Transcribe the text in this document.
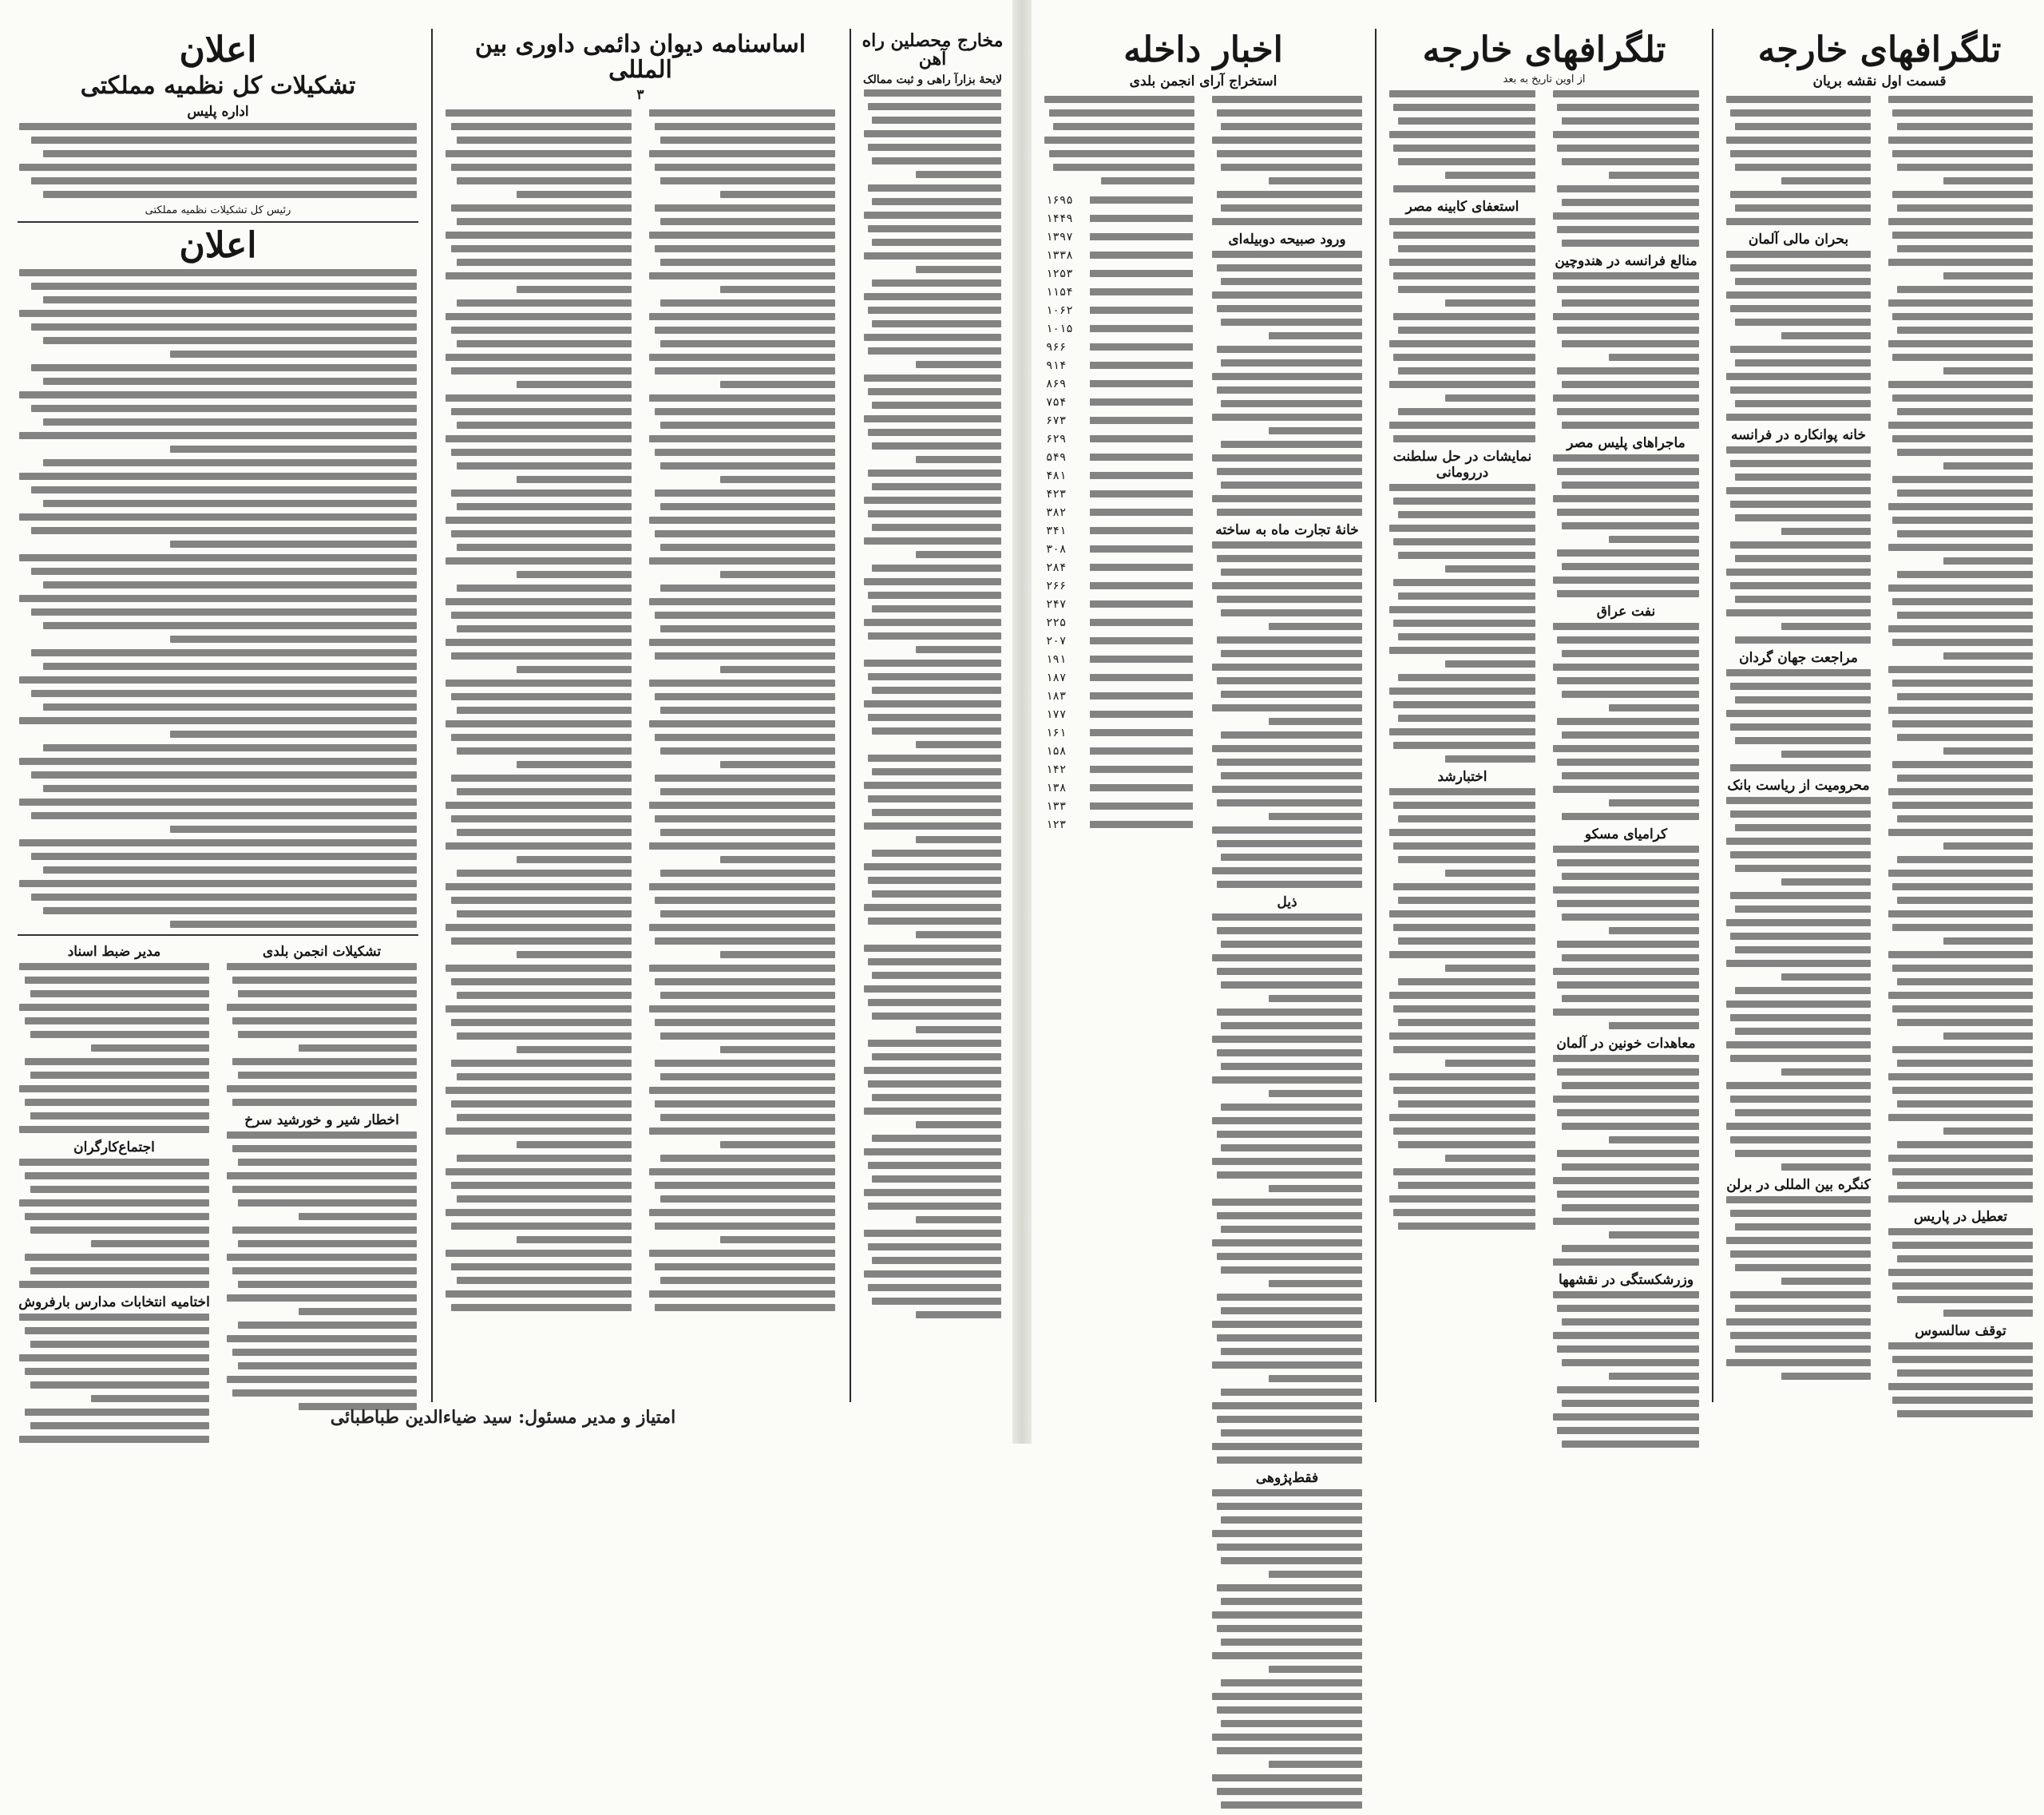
اعلان
تشکیلات کل نظمیه مملکتی
اداره پلیس
رئیس کل تشکیلات نظمیه مملکتی
اعلان
مدیر ضبط اسناد
اجتماع‌کارگران
اختامیه انتخابات مدارس بارفروش
تشکیلات انجمن بلدی
اخطار شیر و خورشید سرخ
اساسنامه دیوان دائمی داوری بین المللی
۳
مخارج محصلین راه آهن
لایحهٔ بزارآ راهی و ثبت ممالک
امتیاز و مدیر مسئول: سید ضیاءالدین طباطبائی
اخبار داخله
استخراج آرای انجمن بلدی
۱۶۹۵
۱۴۴۹
۱۳۹۷
۱۳۳۸
۱۲۵۳
۱۱۵۴
۱۰۶۲
۱۰۱۵
۹۶۶
۹۱۴
۸۶۹
۷۵۴
۶۷۳
۶۲۹
۵۴۹
۴۸۱
۴۲۳
۳۸۲
۳۴۱
۳۰۸
۲۸۴
۲۶۶
۲۴۷
۲۲۵
۲۰۷
۱۹۱
۱۸۷
۱۸۳
۱۷۷
۱۶۱
۱۵۸
۱۴۲
۱۳۸
۱۳۳
۱۲۳
ورود صبیحه دوبیله‌ای
خانهٔ تجارت ماه به ساخته
ذیل
فقط‌پژوهی
تلگرافهای خارجه
از اوین تاریخ به بعد
استعفای کابینه مصر
نمایشات در حل سلطنت دررومانی
اختبارشد
منالع فرانسه در هندوچین
ماجراهای پلیس مصر
نفت عراق
کرامیای مسکو
معاهدات خونین در آلمان
وزرشکستگی در نقشهها
تلگرافهای خارجه
قسمت اول نقشه بریان
بحران مالی آلمان
خانه پوانکاره در فرانسه
مراجعت جهان گردان
محرومیت از ریاست بانک
کنگره بین المللی در برلن
تعطیل در پاریس
توقف سالسوس
